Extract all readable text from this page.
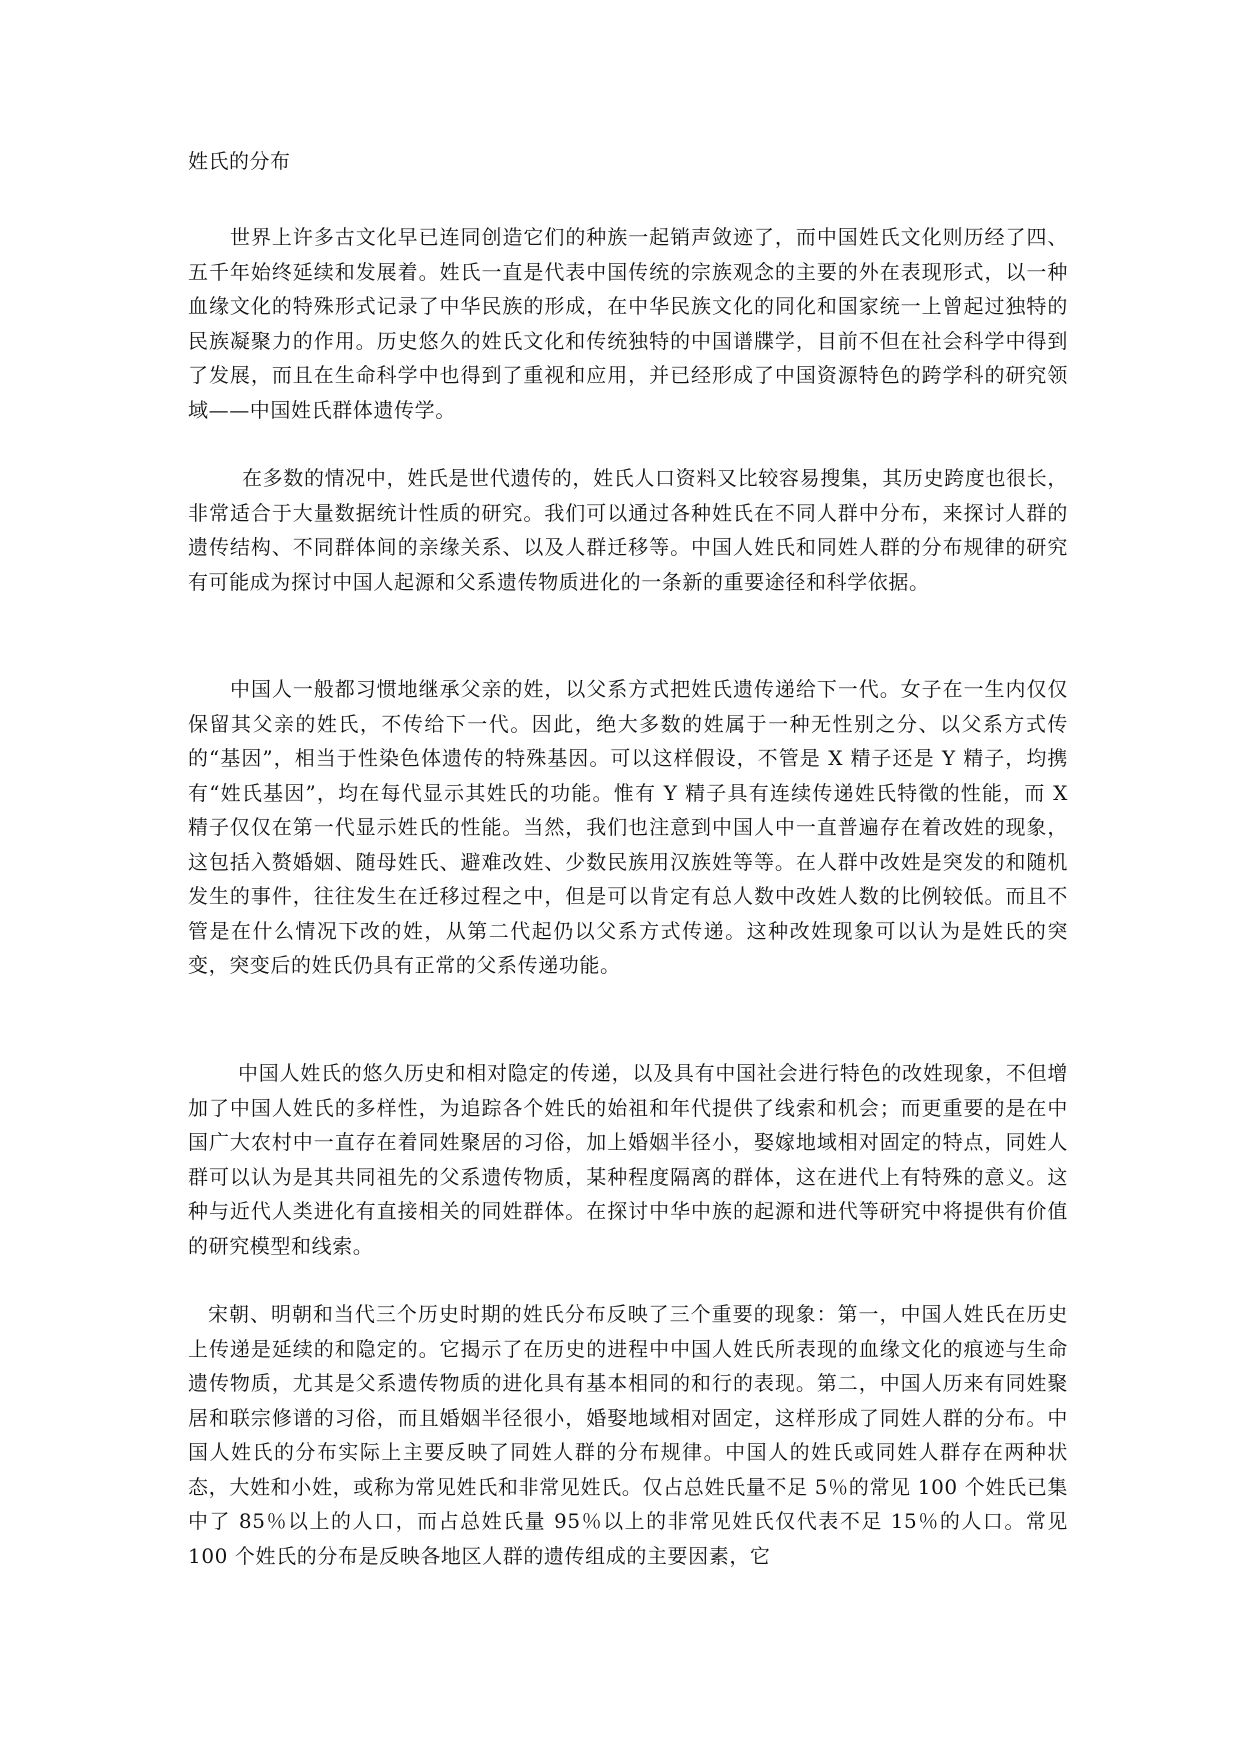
姓氏的分布

世界上许多古文化早已连同创造它们的种族一起销声敛迹了，而中国姓氏文化则历经了四、五千年始终延续和发展着。姓氏一直是代表中国传统的宗族观念的主要的外在表现形式，以一种血缘文化的特殊形式记录了中华民族的形成，在中华民族文化的同化和国家统一上曾起过独特的民族凝聚力的作用。历史悠久的姓氏文化和传统独特的中国谱牒学，目前不但在社会科学中得到了发展，而且在生命科学中也得到了重视和应用，并已经形成了中国资源特色的跨学科的研究领域——中国姓氏群体遗传学。

在多数的情况中，姓氏是世代遗传的，姓氏人口资料又比较容易搜集，其历史跨度也很长，非常适合于大量数据统计性质的研究。我们可以通过各种姓氏在不同人群中分布，来探讨人群的遗传结构、不同群体间的亲缘关系、以及人群迁移等。中国人姓氏和同姓人群的分布规律的研究有可能成为探讨中国人起源和父系遗传物质进化的一条新的重要途径和科学依据。

中国人一般都习惯地继承父亲的姓，以父系方式把姓氏遗传递给下一代。女子在一生内仅仅保留其父亲的姓氏，不传给下一代。因此，绝大多数的姓属于一种无性别之分、以父系方式传的“基因”，相当于性染色体遗传的特殊基因。可以这样假设，不管是 X 精子还是 Y 精子，均携有“姓氏基因”，均在每代显示其姓氏的功能。惟有 Y 精子具有连续传递姓氏特徵的性能，而 X 精子仅仅在第一代显示姓氏的性能。当然，我们也注意到中国人中一直普遍存在着改姓的现象，这包括入赘婚姻、随母姓氏、避难改姓、少数民族用汉族姓等等。在人群中改姓是突发的和随机发生的事件，往往发生在迁移过程之中，但是可以肯定有总人数中改姓人数的比例较低。而且不管是在什么情况下改的姓，从第二代起仍以父系方式传递。这种改姓现象可以认为是姓氏的突变，突变后的姓氏仍具有正常的父系传递功能。

中国人姓氏的悠久历史和相对隐定的传递，以及具有中国社会进行特色的改姓现象，不但增加了中国人姓氏的多样性，为追踪各个姓氏的始祖和年代提供了线索和机会；而更重要的是在中国广大农村中一直存在着同姓聚居的习俗，加上婚姻半径小，娶嫁地域相对固定的特点，同姓人群可以认为是其共同祖先的父系遗传物质，某种程度隔离的群体，这在进代上有特殊的意义。这种与近代人类进化有直接相关的同姓群体。在探讨中华中族的起源和进代等研究中将提供有价值的研究模型和线索。

宋朝、明朝和当代三个历史时期的姓氏分布反映了三个重要的现象：第一，中国人姓氏在历史上传递是延续的和隐定的。它揭示了在历史的进程中中国人姓氏所表现的血缘文化的痕迹与生命遗传物质，尤其是父系遗传物质的进化具有基本相同的和行的表现。第二，中国人历来有同姓聚居和联宗修谱的习俗，而且婚姻半径很小，婚娶地域相对固定，这样形成了同姓人群的分布。中国人姓氏的分布实际上主要反映了同姓人群的分布规律。中国人的姓氏或同姓人群存在两种状态，大姓和小姓，或称为常见姓氏和非常见姓氏。仅占总姓氏量不足 5％的常见 100 个姓氏已集中了 85％以上的人口，而占总姓氏量 95％以上的非常见姓氏仅代表不足 15％的人口。常见 100 个姓氏的分布是反映各地区人群的遗传组成的主要因素，它
